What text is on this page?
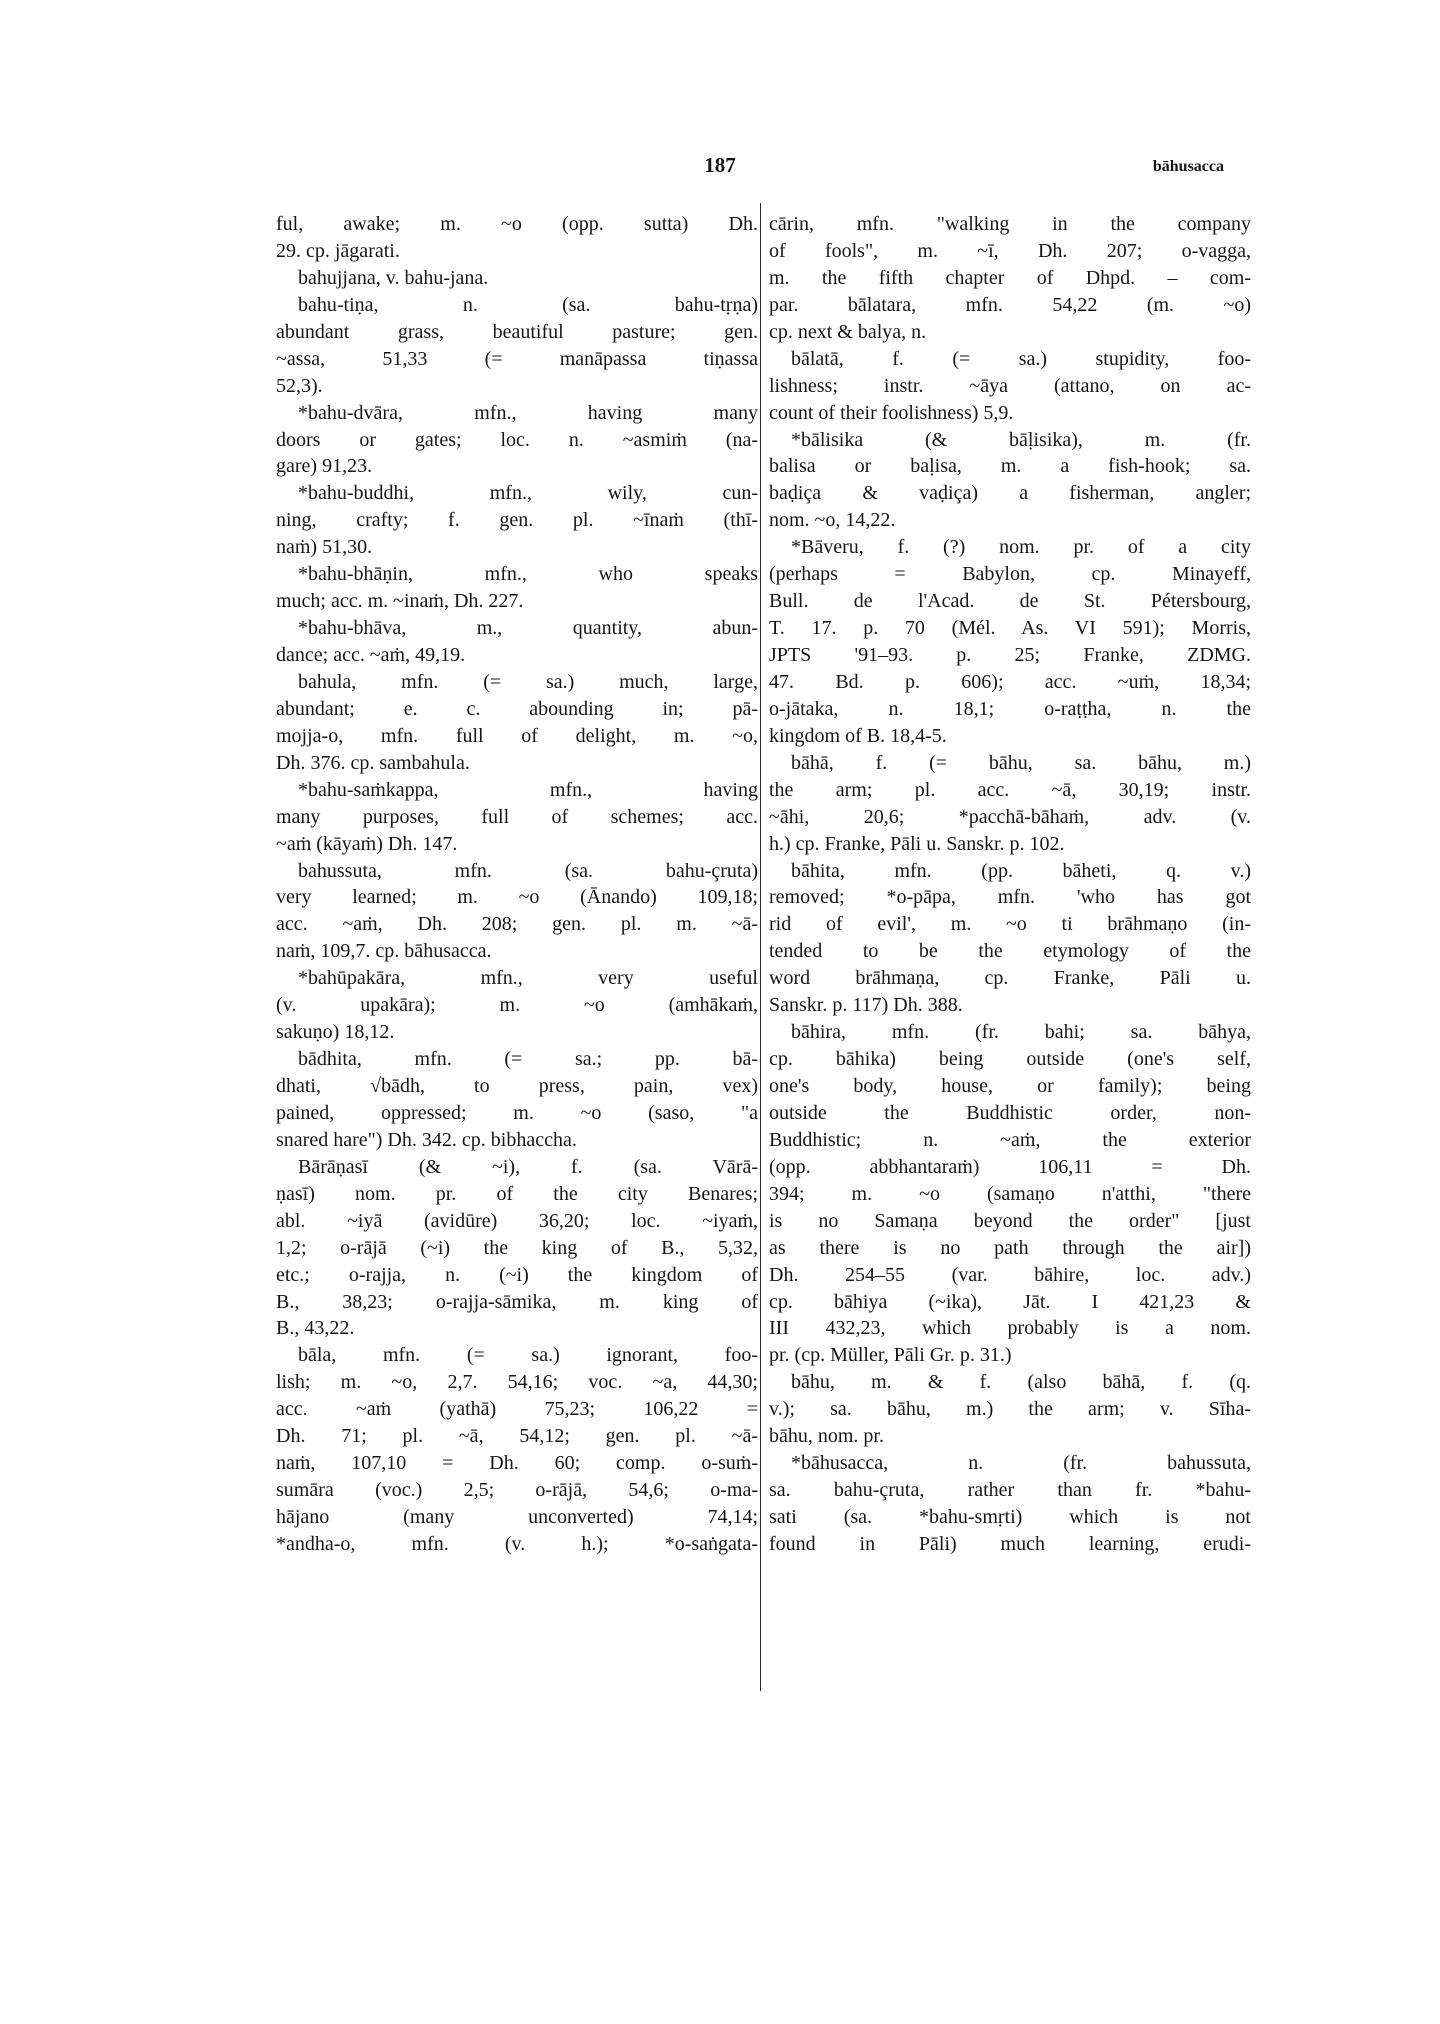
187	bāhusacca

ful, awake; m. ~o (opp. sutta) Dh.
29. cp. jāgarati.
bahujjana, v. bahu-jana.
bahu-tiṇa, n. (sa. bahu-tṛṇa)
abundant grass, beautiful pasture; gen.
~assa, 51,33 (= manāpassa tiṇassa
52,3).
*bahu-dvāra, mfn., having many
doors or gates; loc. n. ~asmiṁ (na-
gare) 91,23.
*bahu-buddhi, mfn., wily, cun-
ning, crafty; f. gen. pl. ~īnaṁ (thī-
naṁ) 51,30.
*bahu-bhāṇin, mfn., who speaks
much; acc. m. ~inaṁ, Dh. 227.
*bahu-bhāva, m., quantity, abun-
dance; acc. ~aṁ, 49,19.
bahula, mfn. (= sa.) much, large,
abundant; e. c. abounding in; pā-
mojja-o, mfn. full of delight, m. ~o,
Dh. 376. cp. sambahula.
*bahu-saṁkappa, mfn., having
many purposes, full of schemes; acc.
~aṁ (kāyaṁ) Dh. 147.
bahussuta, mfn. (sa. bahu-çruta)
very learned; m. ~o (Ānando) 109,18;
acc. ~aṁ, Dh. 208; gen. pl. m. ~ā-
naṁ, 109,7. cp. bāhusacca.
*bahūpakāra, mfn., very useful
(v. upakāra); m. ~o (amhākaṁ,
sakuṇo) 18,12.
bādhita, mfn. (= sa.; pp. bā-
dhati, √bādh, to press, pain, vex)
pained, oppressed; m. ~o (saso, "a
snared hare") Dh. 342. cp. bibhaccha.
Bārāṇasī (& ~i), f. (sa. Vārā-
ṇasī) nom. pr. of the city Benares;
abl. ~iyā (avidūre) 36,20; loc. ~iyaṁ,
1,2; o-rājā (~i) the king of B., 5,32,
etc.; o-rajja, n. (~i) the kingdom of
B., 38,23; o-rajja-sāmika, m. king of
B., 43,22.
bāla, mfn. (= sa.) ignorant, foo-
lish; m. ~o, 2,7. 54,16; voc. ~a, 44,30;
acc. ~aṁ (yathā) 75,23; 106,22 =
Dh. 71; pl. ~ā, 54,12; gen. pl. ~ā-
naṁ, 107,10 = Dh. 60; comp. o-suṁ-
sumāra (voc.) 2,5; o-rājā, 54,6; o-ma-
hājano (many unconverted) 74,14;
*andha-o, mfn. (v. h.); *o-saṅgata-
cārin, mfn. "walking in the company
of fools", m. ~ī, Dh. 207; o-vagga,
m. the fifth chapter of Dhpd. – com-
par. bālatara, mfn. 54,22 (m. ~o)
cp. next & balya, n.
bālatā, f. (= sa.) stupidity, foo-
lishness; instr. ~āya (attano, on ac-
count of their foolishness) 5,9.
*bālisika (& bāḷisika), m. (fr.
balisa or baḷisa, m. a fish-hook; sa.
baḍiça & vaḍiça) a fisherman, angler;
nom. ~o, 14,22.
*Bāveru, f. (?) nom. pr. of a city
(perhaps = Babylon, cp. Minayeff,
Bull. de l'Acad. de St. Pétersbourg,
T. 17. p. 70 (Mél. As. VI 591); Morris,
JPTS '91–93. p. 25; Franke, ZDMG.
47. Bd. p. 606); acc. ~uṁ, 18,34;
o-jātaka, n. 18,1; o-raṭṭha, n. the
kingdom of B. 18,4-5.
bāhā, f. (= bāhu, sa. bāhu, m.)
the arm; pl. acc. ~ā, 30,19; instr.
~āhi, 20,6; *pacchā-bāhaṁ, adv. (v.
h.) cp. Franke, Pāli u. Sanskr. p. 102.
bāhita, mfn. (pp. bāheti, q. v.)
removed; *o-pāpa, mfn. 'who has got
rid of evil', m. ~o ti brāhmaṇo (in-
tended to be the etymology of the
word brāhmaṇa, cp. Franke, Pāli u.
Sanskr. p. 117) Dh. 388.
bāhira, mfn. (fr. bahi; sa. bāhya,
cp. bāhika) being outside (one's self,
one's body, house, or family); being
outside the Buddhistic order, non-
Buddhistic; n. ~aṁ, the exterior
(opp. abbhantaraṁ) 106,11 = Dh.
394; m. ~o (samaṇo n'atthi, "there
is no Samaṇa beyond the order" [just
as there is no path through the air])
Dh. 254–55 (var. bāhire, loc. adv.)
cp. bāhiya (~ika), Jāt. I 421,23 &
III 432,23, which probably is a nom.
pr. (cp. Müller, Pāli Gr. p. 31.)
bāhu, m. & f. (also bāhā, f. (q.
v.); sa. bāhu, m.) the arm; v. Sīha-
bāhu, nom. pr.
*bāhusacca, n. (fr. bahussuta,
sa. bahu-çruta, rather than fr. *bahu-
sati (sa. *bahu-smṛti) which is not
found in Pāli) much learning, erudi-
